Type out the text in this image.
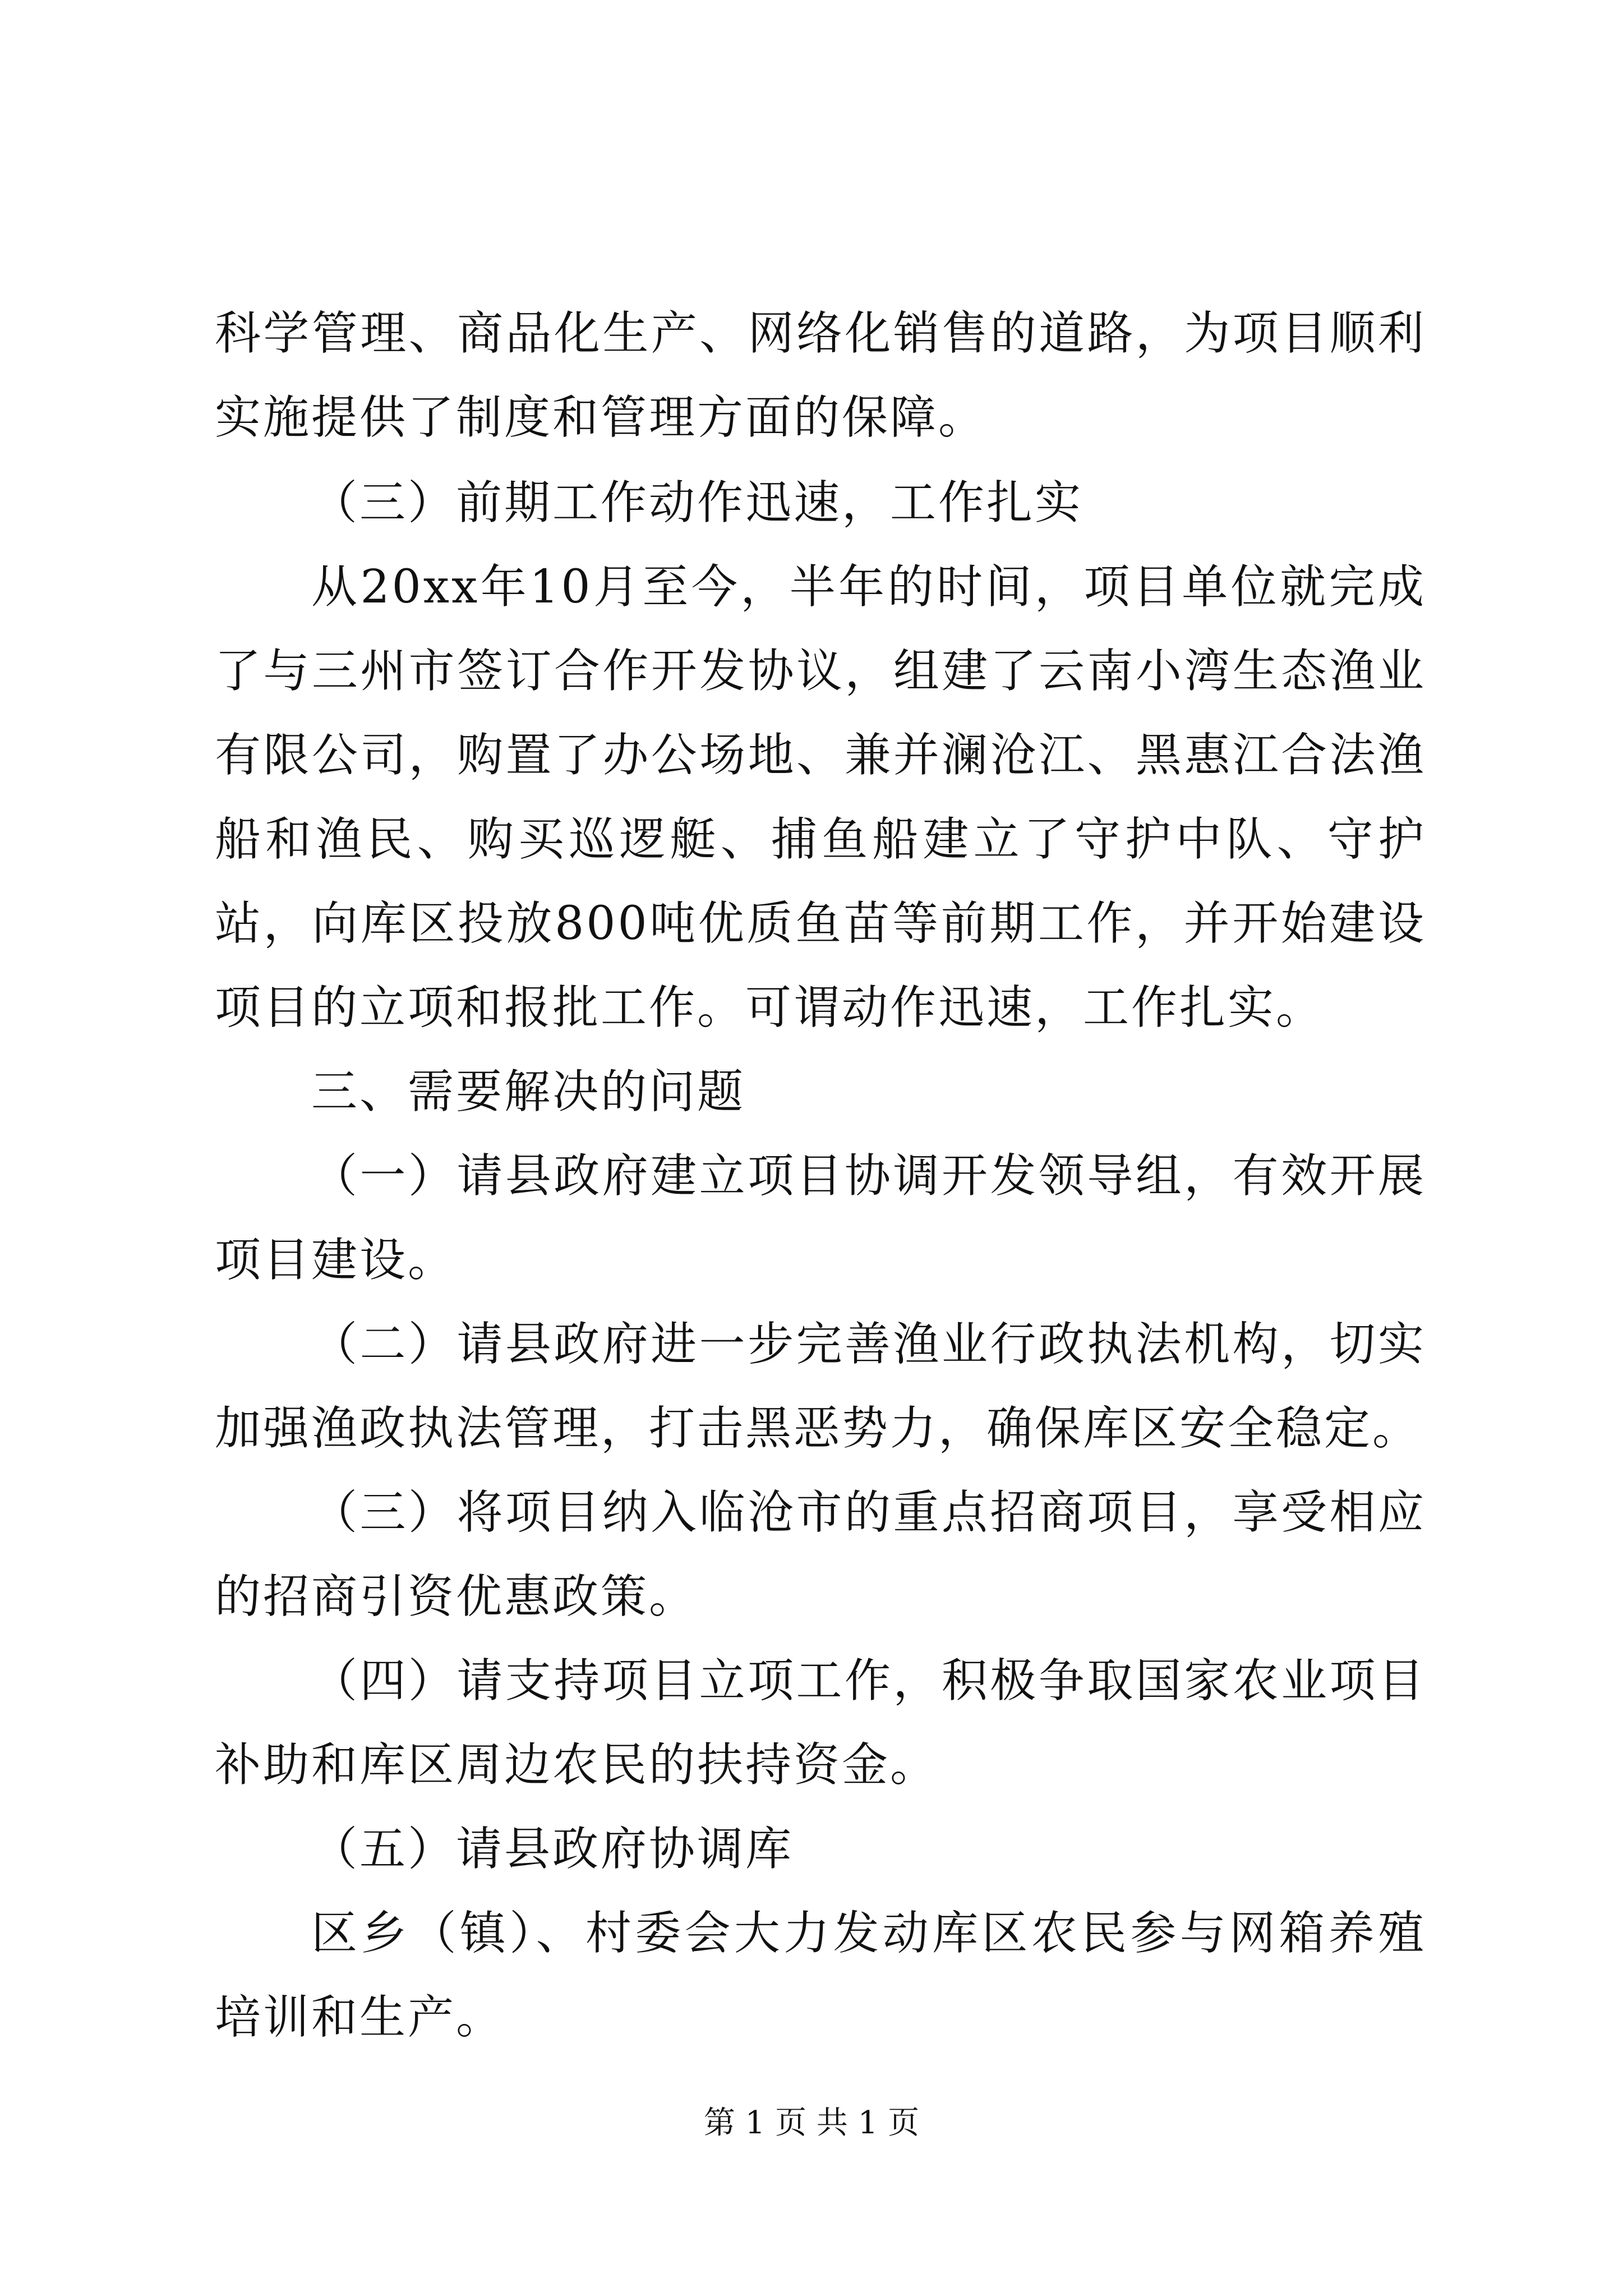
科学管理、商品化生产、网络化销售的道路，为项目顺利实施提供了制度和管理方面的保障。

（三）前期工作动作迅速，工作扎实

从20xx年10月至今，半年的时间，项目单位就完成了与三州市签订合作开发协议，组建了云南小湾生态渔业有限公司，购置了办公场地、兼并澜沧江、黑惠江合法渔船和渔民、购买巡逻艇、捕鱼船建立了守护中队、守护站，向库区投放800吨优质鱼苗等前期工作，并开始建设项目的立项和报批工作。可谓动作迅速，工作扎实。

三、需要解决的问题

（一）请县政府建立项目协调开发领导组，有效开展项目建设。

（二）请县政府进一步完善渔业行政执法机构，切实加强渔政执法管理，打击黑恶势力，确保库区安全稳定。

（三）将项目纳入临沧市的重点招商项目，享受相应的招商引资优惠政策。

（四）请支持项目立项工作，积极争取国家农业项目补助和库区周边农民的扶持资金。

（五）请县政府协调库

区乡（镇）、村委会大力发动库区农民参与网箱养殖培训和生产。

第 1 页 共 1 页
